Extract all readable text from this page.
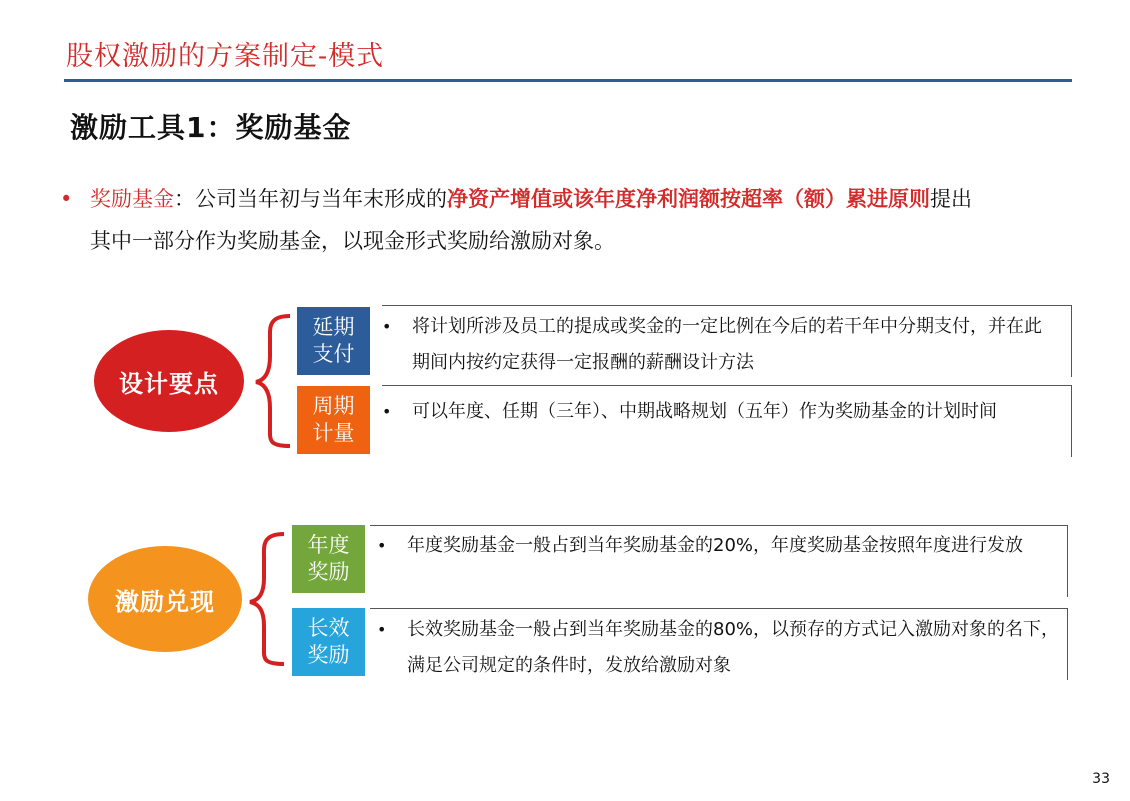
股权激励的方案制定-模式
激励工具1：奖励基金
• 奖励基金：公司当年初与当年末形成的净资产增值或该年度净利润额按超率（额）累进原则提出
其中一部分作为奖励基金，以现金形式奖励给激励对象。
设计要点
延期
支付
•	将计划所涉及员工的提成或奖金的一定比例在今后的若干年中分期支付，并在此期间内按约定获得一定报酬的薪酬设计方法
周期
计量
•	可以年度、任期（三年）、中期战略规划（五年）作为奖励基金的计划时间
激励兑现
年度
奖励
•	年度奖励基金一般占到当年奖励基金的20%，年度奖励基金按照年度进行发放
长效
奖励
•	长效奖励基金一般占到当年奖励基金的80%，以预存的方式记入激励对象的名下，满足公司规定的条件时，发放给激励对象
33
